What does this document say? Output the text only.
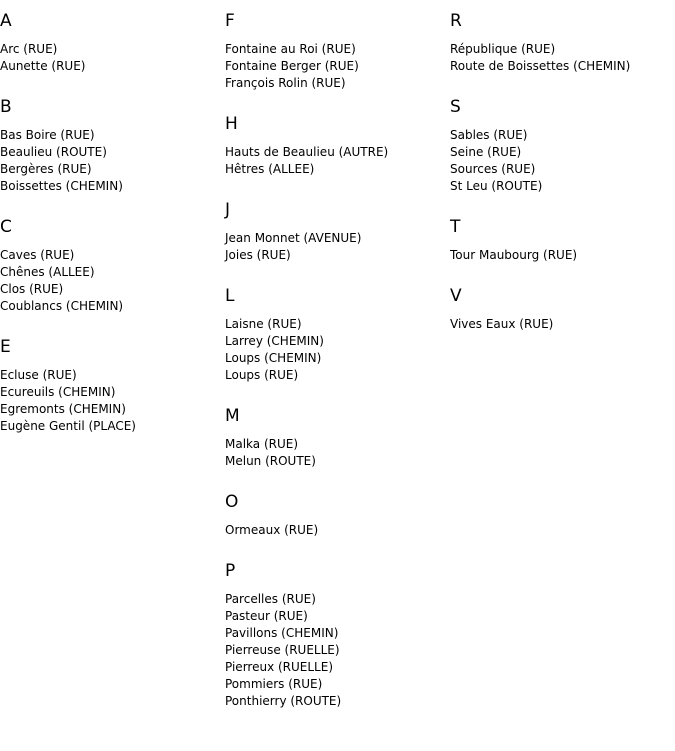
A
Arc (RUE)
Aunette (RUE)
B
Bas Boire (RUE)
Beaulieu (ROUTE)
Bergères (RUE)
Boissettes (CHEMIN)
C
Caves (RUE)
Chênes (ALLEE)
Clos (RUE)
Coublancs (CHEMIN)
E
Ecluse (RUE)
Ecureuils (CHEMIN)
Egremonts (CHEMIN)
Eugène Gentil (PLACE)
F
Fontaine au Roi (RUE)
Fontaine Berger (RUE)
François Rolin (RUE)
H
Hauts de Beaulieu (AUTRE)
Hêtres (ALLEE)
J
Jean Monnet (AVENUE)
Joies (RUE)
L
Laisne (RUE)
Larrey (CHEMIN)
Loups (CHEMIN)
Loups (RUE)
M
Malka (RUE)
Melun (ROUTE)
O
Ormeaux (RUE)
P
Parcelles (RUE)
Pasteur (RUE)
Pavillons (CHEMIN)
Pierreuse (RUELLE)
Pierreux (RUELLE)
Pommiers (RUE)
Ponthierry (ROUTE)
R
République (RUE)
Route de Boissettes (CHEMIN)
S
Sables (RUE)
Seine (RUE)
Sources (RUE)
St Leu (ROUTE)
T
Tour Maubourg (RUE)
V
Vives Eaux (RUE)
